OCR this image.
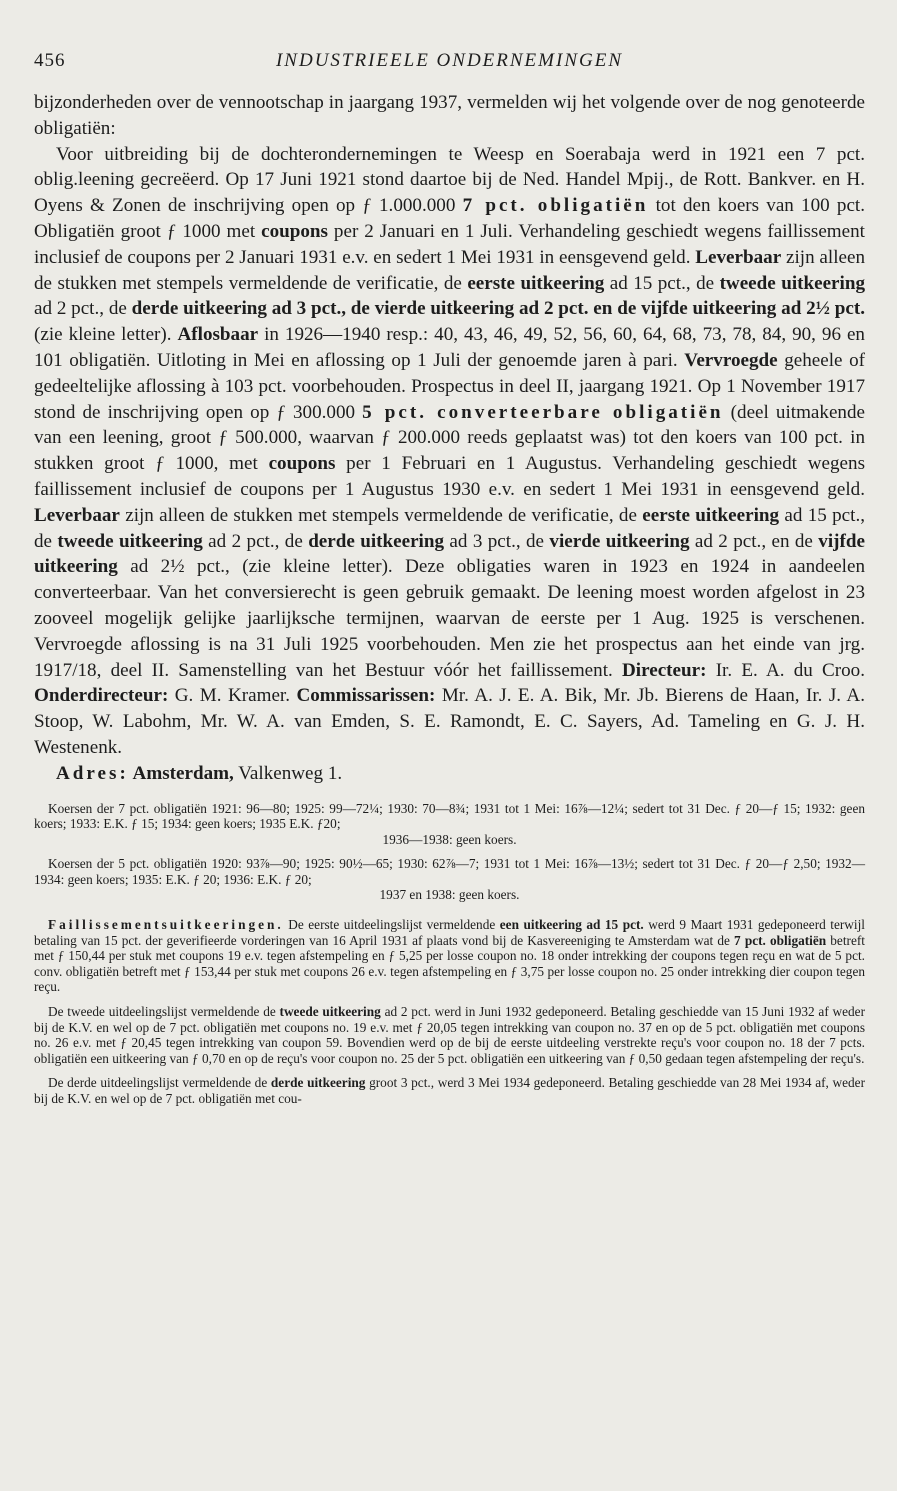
456	INDUSTRIEELE ONDERNEMINGEN

bijzonderheden over de vennootschap in jaargang 1937, vermelden wij het volgende over de nog genoteerde obligatiën:

Voor uitbreiding bij de dochterondernemingen te Weesp en Soerabaja werd in 1921 een 7 pct. oblig.leening gecreëerd. Op 17 Juni 1921 stond daartoe bij de Ned. Handel Mpij., de Rott. Bankver. en H. Oyens & Zonen de inschrijving open op ƒ 1.000.000 7 pct. obligatiën tot den koers van 100 pct. Obligatiën groot ƒ 1000 met coupons per 2 Januari en 1 Juli. Verhandeling geschiedt wegens faillissement inclusief de coupons per 2 Januari 1931 e.v. en sedert 1 Mei 1931 in eensgevend geld. Leverbaar zijn alleen de stukken met stempels vermeldende de verificatie, de eerste uitkeering ad 15 pct., de tweede uitkeering ad 2 pct., de derde uitkeering ad 3 pct., de vierde uitkeering ad 2 pct. en de vijfde uitkeering ad 2½ pct. (zie kleine letter). Aflosbaar in 1926—1940 resp.: 40, 43, 46, 49, 52, 56, 60, 64, 68, 73, 78, 84, 90, 96 en 101 obligatiën. Uitloting in Mei en aflossing op 1 Juli der genoemde jaren à pari. Vervroegde geheele of gedeeltelijke aflossing à 103 pct. voorbehouden. Prospectus in deel II, jaargang 1921. Op 1 November 1917 stond de inschrijving open op ƒ 300.000 5 pct. converteerbare obligatiën (deel uitmakende van een leening, groot ƒ 500.000, waarvan ƒ 200.000 reeds geplaatst was) tot den koers van 100 pct. in stukken groot ƒ 1000, met coupons per 1 Februari en 1 Augustus. Verhandeling geschiedt wegens faillissement inclusief de coupons per 1 Augustus 1930 e.v. en sedert 1 Mei 1931 in eensgevend geld. Leverbaar zijn alleen de stukken met stempels vermeldende de verificatie, de eerste uitkeering ad 15 pct., de tweede uitkeering ad 2 pct., de derde uitkeering ad 3 pct., de vierde uitkeering ad 2 pct., en de vijfde uitkeering ad 2½ pct., (zie kleine letter). Deze obligaties waren in 1923 en 1924 in aandeelen converteerbaar. Van het conversierecht is geen gebruik gemaakt. De leening moest worden afgelost in 23 zooveel mogelijk gelijke jaarlijksche termijnen, waarvan de eerste per 1 Aug. 1925 is verschenen. Vervroegde aflossing is na 31 Juli 1925 voorbehouden. Men zie het prospectus aan het einde van jrg. 1917/18, deel II. Samenstelling van het Bestuur vóór het faillissement. Directeur: Ir. E. A. du Croo. Onderdirecteur: G. M. Kramer. Commissarissen: Mr. A. J. E. A. Bik, Mr. Jb. Bierens de Haan, Ir. J. A. Stoop, W. Labohm, Mr. W. A. van Emden, S. E. Ramondt, E. C. Sayers, Ad. Tameling en G. J. H. Westenenk.

Adres: Amsterdam, Valkenweg 1.

Koersen der 7 pct. obligatiën 1921: 96—80; 1925: 99—72¼; 1930: 70—8¾; 1931 tot 1 Mei: 16⅞—12¼; sedert tot 31 Dec. ƒ 20—ƒ 15; 1932: geen koers; 1933: E.K. ƒ 15; 1934: geen koers; 1935 E.K. ƒ20;

1936—1938: geen koers.

Koersen der 5 pct. obligatiën 1920: 93⅞—90; 1925: 90½—65; 1930: 62⅞—7; 1931 tot 1 Mei: 16⅞—13½; sedert tot 31 Dec. ƒ 20—ƒ 2,50; 1932—1934: geen koers; 1935: E.K. ƒ 20; 1936: E.K. ƒ 20;

1937 en 1938: geen koers.

Faillissementsuitkeeringen. De eerste uitdeelingslijst vermeldende een uitkeering ad 15 pct. werd 9 Maart 1931 gedeponeerd terwijl betaling van 15 pct. der geverifieerde vorderingen van 16 April 1931 af plaats vond bij de Kasvereeniging te Amsterdam wat de 7 pct. obligatiën betreft met ƒ 150,44 per stuk met coupons 19 e.v. tegen afstempeling en ƒ 5,25 per losse coupon no. 18 onder intrekking der coupons tegen reçu en wat de 5 pct. conv. obligatiën betreft met ƒ 153,44 per stuk met coupons 26 e.v. tegen afstempeling en ƒ 3,75 per losse coupon no. 25 onder intrekking dier coupon tegen reçu.

De tweede uitdeelingslijst vermeldende de tweede uitkeering ad 2 pct. werd in Juni 1932 gedeponeerd. Betaling geschiedde van 15 Juni 1932 af weder bij de K.V. en wel op de 7 pct. obligatiën met coupons no. 19 e.v. met ƒ 20,05 tegen intrekking van coupon no. 37 en op de 5 pct. obligatiën met coupons no. 26 e.v. met ƒ 20,45 tegen intrekking van coupon 59. Bovendien werd op de bij de eerste uitdeeling verstrekte reçu's voor coupon no. 18 der 7 pcts. obligatiën een uitkeering van ƒ 0,70 en op de reçu's voor coupon no. 25 der 5 pct. obligatiën een uitkeering van ƒ 0,50 gedaan tegen afstempeling der reçu's.

De derde uitdeelingslijst vermeldende de derde uitkeering groot 3 pct., werd 3 Mei 1934 gedeponeerd. Betaling geschiedde van 28 Mei 1934 af, weder bij de K.V. en wel op de 7 pct. obligatiën met cou-
